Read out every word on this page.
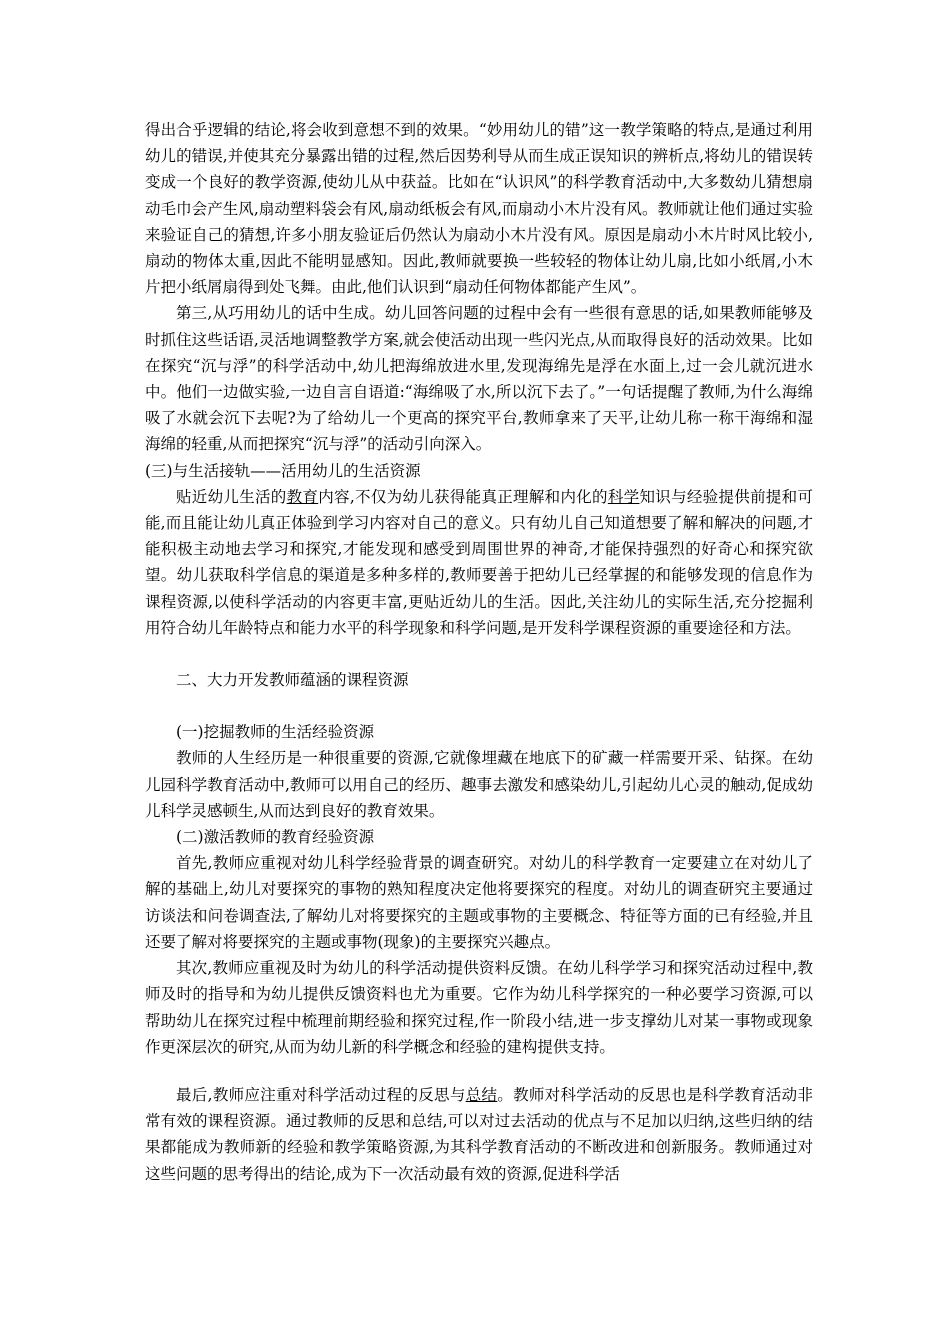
得出合乎逻辑的结论,将会收到意想不到的效果。“妙用幼儿的错”这一教学策略的特点,是通过利用幼儿的错误,并使其充分暴露出错的过程,然后因势利导从而生成正误知识的辨析点,将幼儿的错误转变成一个良好的教学资源,使幼儿从中获益。比如在“认识风”的科学教育活动中,大多数幼儿猜想扇动毛巾会产生风,扇动塑料袋会有风,扇动纸板会有风,而扇动小木片没有风。教师就让他们通过实验来验证自己的猜想,许多小朋友验证后仍然认为扇动小木片没有风。原因是扇动小木片时风比较小,扇动的物体太重,因此不能明显感知。因此,教师就要换一些较轻的物体让幼儿扇,比如小纸屑,小木片把小纸屑扇得到处飞舞。由此,他们认识到“扇动任何物体都能产生风”。

第三,从巧用幼儿的话中生成。幼儿回答问题的过程中会有一些很有意思的话,如果教师能够及时抓住这些话语,灵活地调整教学方案,就会使活动出现一些闪光点,从而取得良好的活动效果。比如在探究“沉与浮”的科学活动中,幼儿把海绵放进水里,发现海绵先是浮在水面上,过一会儿就沉进水中。他们一边做实验,一边自言自语道:“海绵吸了水,所以沉下去了。”一句话提醒了教师,为什么海绵吸了水就会沉下去呢?为了给幼儿一个更高的探究平台,教师拿来了天平,让幼儿称一称干海绵和湿海绵的轻重,从而把探究“沉与浮”的活动引向深入。

(三)与生活接轨——活用幼儿的生活资源

贴近幼儿生活的教育内容,不仅为幼儿获得能真正理解和内化的科学知识与经验提供前提和可能,而且能让幼儿真正体验到学习内容对自己的意义。只有幼儿自己知道想要了解和解决的问题,才能积极主动地去学习和探究,才能发现和感受到周围世界的神奇,才能保持强烈的好奇心和探究欲望。幼儿获取科学信息的渠道是多种多样的,教师要善于把幼儿已经掌握的和能够发现的信息作为课程资源,以使科学活动的内容更丰富,更贴近幼儿的生活。因此,关注幼儿的实际生活,充分挖掘利用符合幼儿年龄特点和能力水平的科学现象和科学问题,是开发科学课程资源的重要途径和方法。

二、大力开发教师蕴涵的课程资源

(一)挖掘教师的生活经验资源

教师的人生经历是一种很重要的资源,它就像埋藏在地底下的矿藏一样需要开采、钻探。在幼儿园科学教育活动中,教师可以用自己的经历、趣事去激发和感染幼儿,引起幼儿心灵的触动,促成幼儿科学灵感顿生,从而达到良好的教育效果。

(二)激活教师的教育经验资源

首先,教师应重视对幼儿科学经验背景的调查研究。对幼儿的科学教育一定要建立在对幼儿了解的基础上,幼儿对要探究的事物的熟知程度决定他将要探究的程度。对幼儿的调查研究主要通过访谈法和问卷调查法,了解幼儿对将要探究的主题或事物的主要概念、特征等方面的已有经验,并且还要了解对将要探究的主题或事物(现象)的主要探究兴趣点。

其次,教师应重视及时为幼儿的科学活动提供资料反馈。在幼儿科学学习和探究活动过程中,教师及时的指导和为幼儿提供反馈资料也尤为重要。它作为幼儿科学探究的一种必要学习资源,可以帮助幼儿在探究过程中梳理前期经验和探究过程,作一阶段小结,进一步支撑幼儿对某一事物或现象作更深层次的研究,从而为幼儿新的科学概念和经验的建构提供支持。

最后,教师应注重对科学活动过程的反思与总结。教师对科学活动的反思也是科学教育活动非常有效的课程资源。通过教师的反思和总结,可以对过去活动的优点与不足加以归纳,这些归纳的结果都能成为教师新的经验和教学策略资源,为其科学教育活动的不断改进和创新服务。教师通过对这些问题的思考得出的结论,成为下一次活动最有效的资源,促进科学活
